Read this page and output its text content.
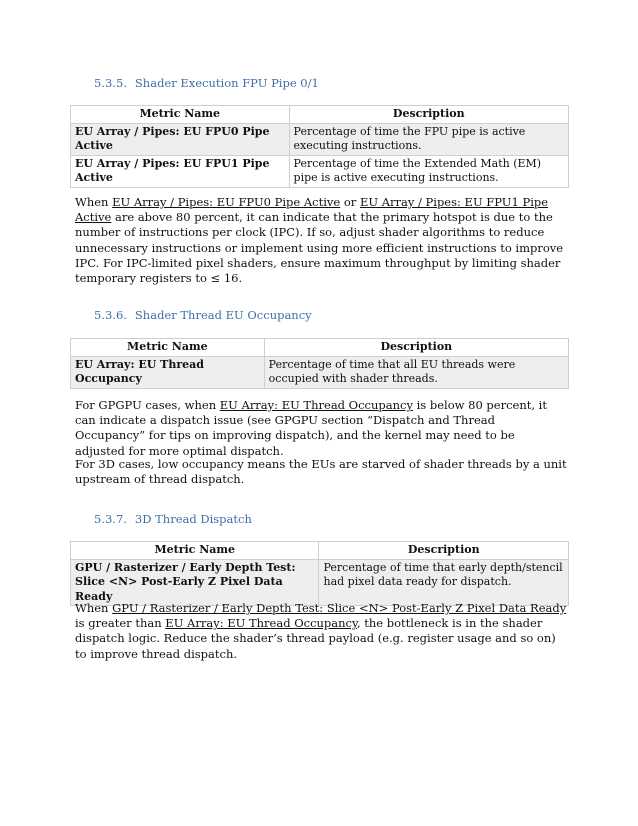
5.3.5. Shader Execution FPU Pipe 0/1
Metric Name	Description
EU Array / Pipes: EU FPU0 Pipe Active	Percentage of time the FPU pipe is active executing instructions.
EU Array / Pipes: EU FPU1 Pipe Active	Percentage of time the Extended Math (EM) pipe is active executing instructions.

When EU Array / Pipes: EU FPU0 Pipe Active or EU Array / Pipes: EU FPU1 Pipe Active are above 80 percent, it can indicate that the primary hotspot is due to the number of instructions per clock (IPC). If so, adjust shader algorithms to reduce unnecessary instructions or implement using more efficient instructions to improve IPC. For IPC-limited pixel shaders, ensure maximum throughput by limiting shader temporary registers to ≤ 16.

5.3.6. Shader Thread EU Occupancy
Metric Name	Description
EU Array: EU Thread Occupancy	Percentage of time that all EU threads were occupied with shader threads.

For GPGPU cases, when EU Array: EU Thread Occupancy is below 80 percent, it can indicate a dispatch issue (see GPGPU section “Dispatch and Thread Occupancy” for tips on improving dispatch), and the kernel may need to be adjusted for more optimal dispatch.

For 3D cases, low occupancy means the EUs are starved of shader threads by a unit upstream of thread dispatch.

5.3.7. 3D Thread Dispatch
Metric Name	Description
GPU / Rasterizer / Early Depth Test: Slice <N> Post-Early Z Pixel Data Ready	Percentage of time that early depth/stencil had pixel data ready for dispatch.

When GPU / Rasterizer / Early Depth Test: Slice <N> Post-Early Z Pixel Data Ready is greater than EU Array: EU Thread Occupancy, the bottleneck is in the shader dispatch logic. Reduce the shader’s thread payload (e.g. register usage and so on) to improve thread dispatch.
